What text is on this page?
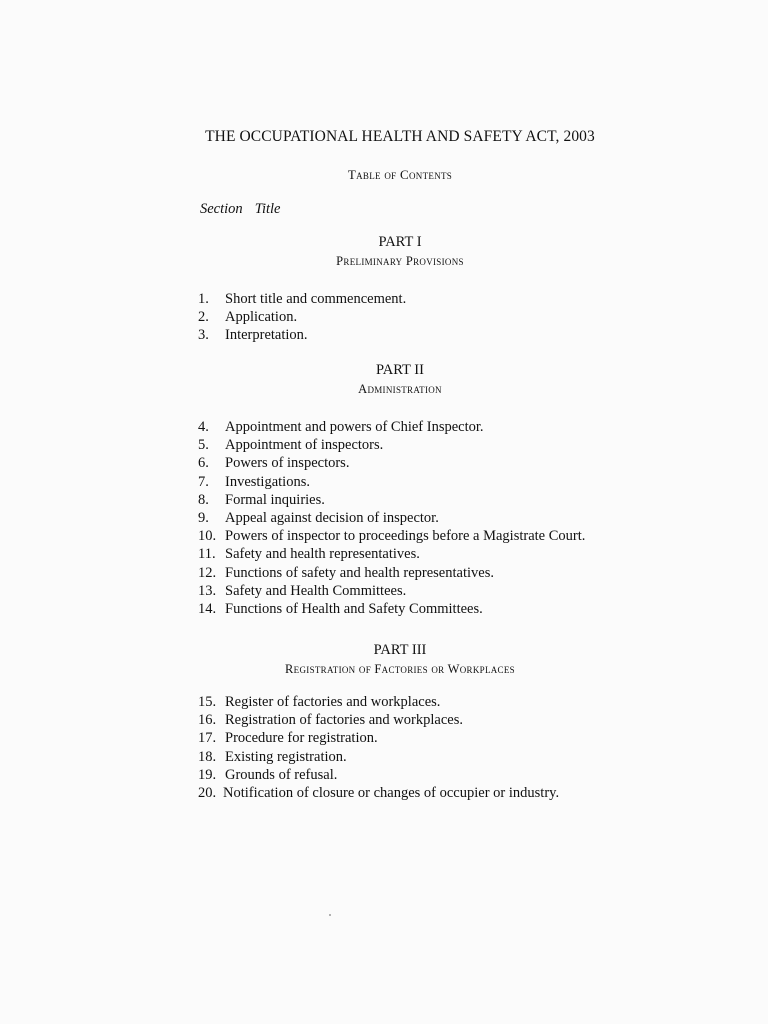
THE OCCUPATIONAL HEALTH AND SAFETY ACT, 2003
Table of Contents
Section Title
PART I
Preliminary Provisions
1. Short title and commencement.
2. Application.
3. Interpretation.
PART II
Administration
4. Appointment and powers of Chief Inspector.
5. Appointment of inspectors.
6. Powers of inspectors.
7. Investigations.
8. Formal inquiries.
9. Appeal against decision of inspector.
10. Powers of inspector to proceedings before a Magistrate Court.
11. Safety and health representatives.
12. Functions of safety and health representatives.
13. Safety and Health Committees.
14. Functions of Health and Safety Committees.
PART III
Registration of Factories or Workplaces
15. Register of factories and workplaces.
16. Registration of factories and workplaces.
17. Procedure for registration.
18. Existing registration.
19. Grounds of refusal.
20. Notification of closure or changes of occupier or industry.
